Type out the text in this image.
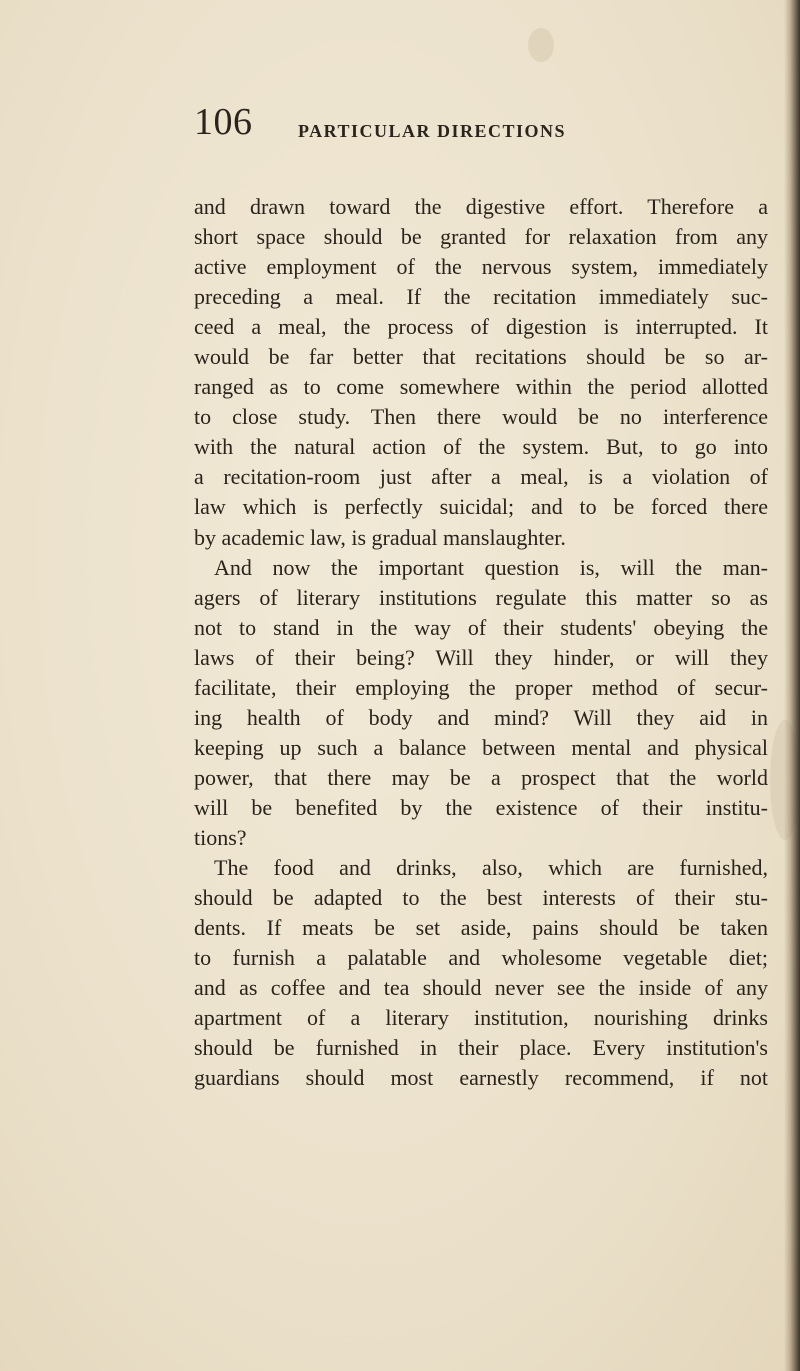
106	PARTICULAR DIRECTIONS
and drawn toward the digestive effort. Therefore a
short space should be granted for relaxation from any
active employment of the nervous system, immediately
preceding a meal. If the recitation immediately suc-
ceed a meal, the process of digestion is interrupted. It
would be far better that recitations should be so ar-
ranged as to come somewhere within the period allotted
to close study. Then there would be no interference
with the natural action of the system. But, to go into
a recitation-room just after a meal, is a violation of
law which is perfectly suicidal; and to be forced there
by academic law, is gradual manslaughter.
And now the important question is, will the man-
agers of literary institutions regulate this matter so as
not to stand in the way of their students' obeying the
laws of their being? Will they hinder, or will they
facilitate, their employing the proper method of secur-
ing health of body and mind? Will they aid in
keeping up such a balance between mental and physical
power, that there may be a prospect that the world
will be benefited by the existence of their institu-
tions?
The food and drinks, also, which are furnished,
should be adapted to the best interests of their stu-
dents. If meats be set aside, pains should be taken
to furnish a palatable and wholesome vegetable diet;
and as coffee and tea should never see the inside of any
apartment of a literary institution, nourishing drinks
should be furnished in their place. Every institution's
guardians should most earnestly recommend, if not
